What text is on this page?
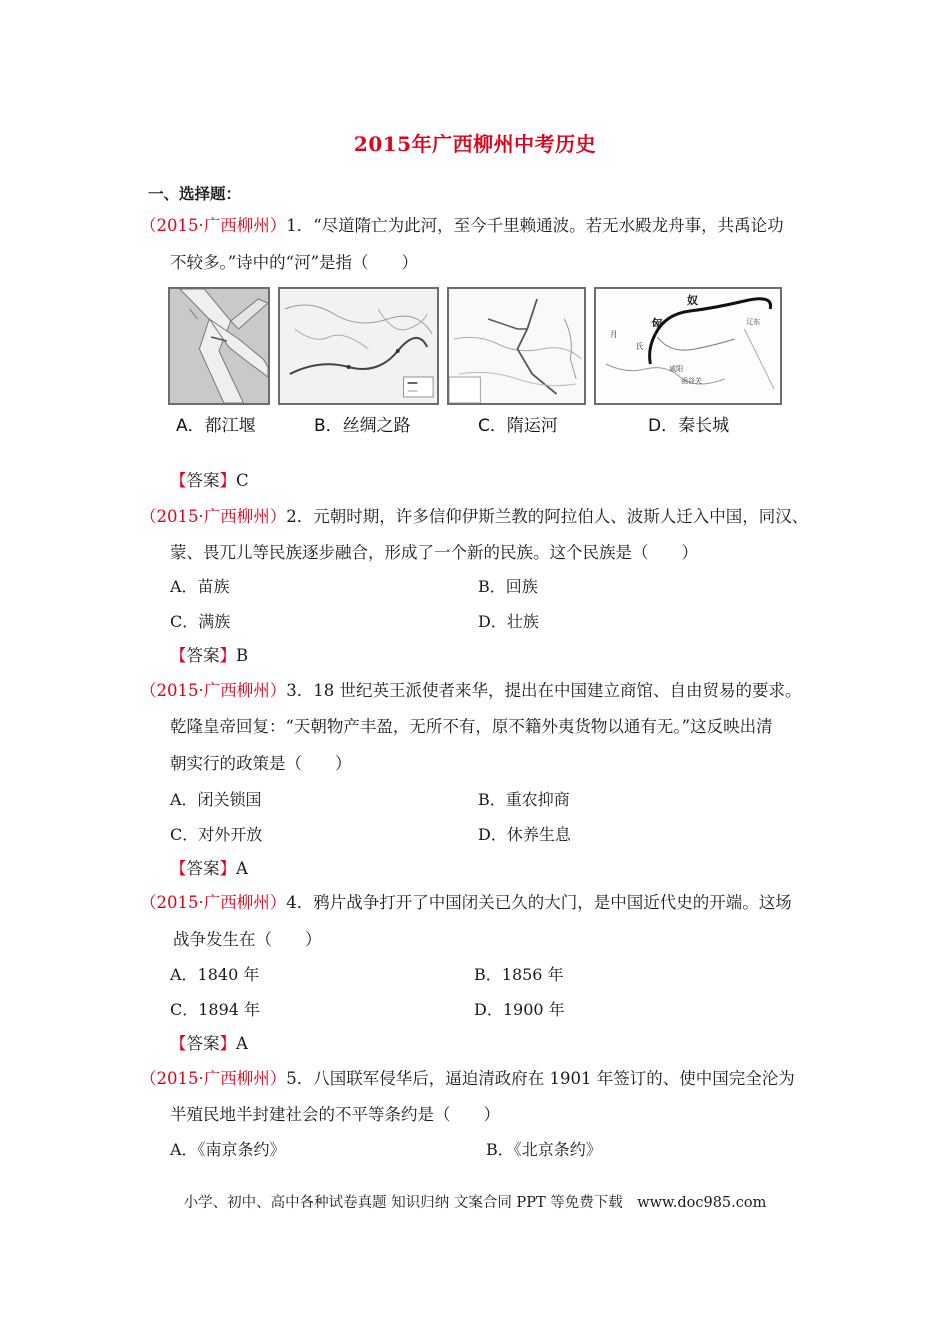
2015年广西柳州中考历史
一、选择题：
（2015·广西柳州）1．“尽道隋亡为此河，至今千里赖通波。若无水殿龙舟事，共禹论功
不较多。”诗中的“河”是指（　　）
匈
奴
月
氏
咸阳
函谷关
辽东
A．都江堰	B．丝绸之路	C．隋运河	D．秦长城
【答案】C
（2015·广西柳州）2．元朝时期，许多信仰伊斯兰教的阿拉伯人、波斯人迁入中国，同汉、
蒙、畏兀儿等民族逐步融合，形成了一个新的民族。这个民族是（　　）
A．苗族	B．回族
C．满族	D．壮族
【答案】B
（2015·广西柳州）3．18 世纪英王派使者来华，提出在中国建立商馆、自由贸易的要求。
乾隆皇帝回复：“天朝物产丰盈，无所不有，原不籍外夷货物以通有无。”这反映出清
朝实行的政策是（　　）
A．闭关锁国	B．重农抑商
C．对外开放	D．休养生息
【答案】A
（2015·广西柳州）4．鸦片战争打开了中国闭关已久的大门，是中国近代史的开端。这场
战争发生在（　　）
A．1840 年	B．1856 年
C．1894 年	D．1900 年
【答案】A
（2015·广西柳州）5．八国联军侵华后，逼迫清政府在 1901 年签订的、使中国完全沦为
半殖民地半封建社会的不平等条约是（　　）
A．《南京条约》	B．《北京条约》
小学、初中、高中各种试卷真题 知识归纳 文案合同 PPT 等免费下载　www.doc985.com
